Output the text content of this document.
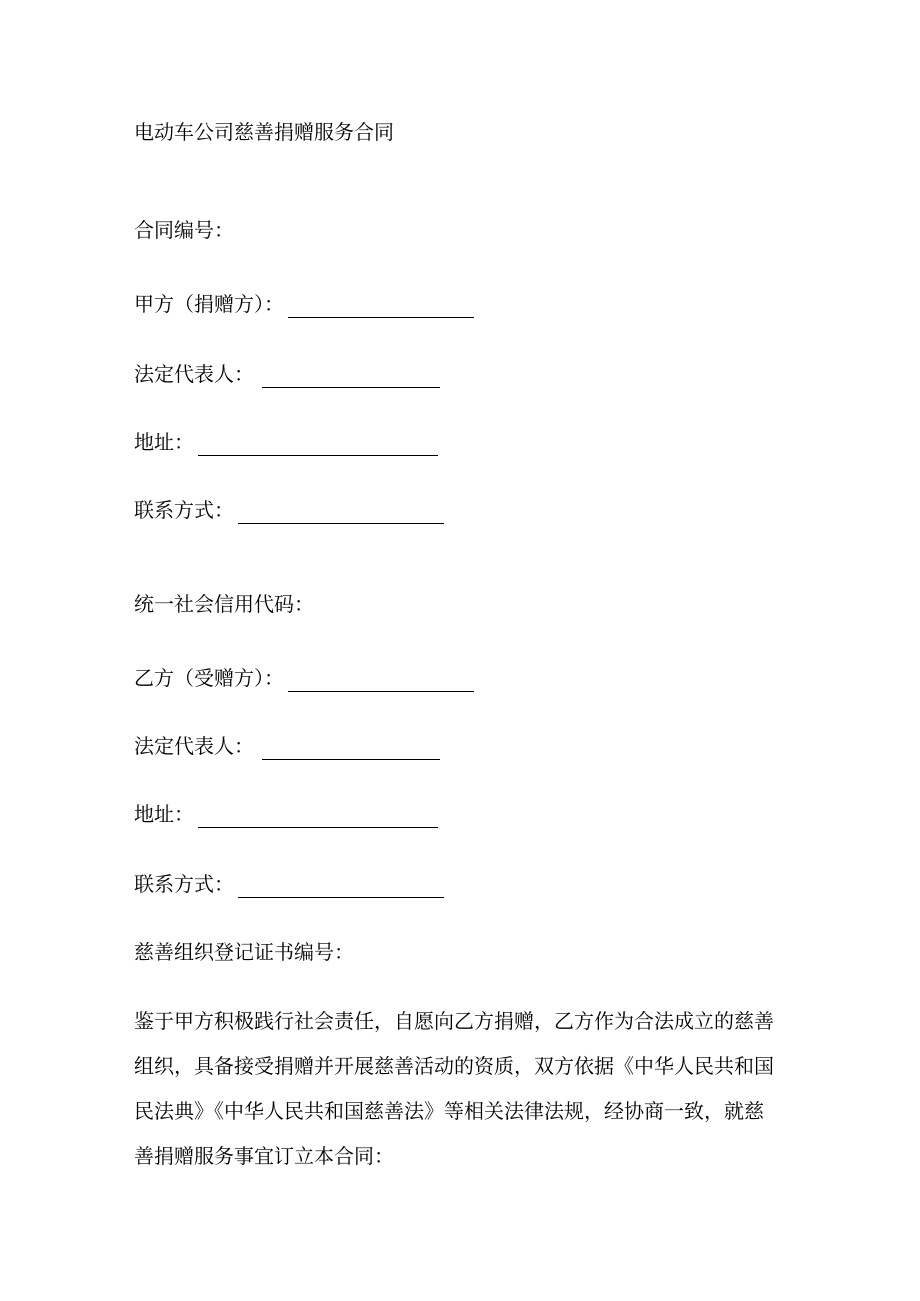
电动车公司慈善捐赠服务合同
合同编号：
甲方（捐赠方）：
法定代表人：
地址：
联系方式：
统一社会信用代码：
乙方（受赠方）：
法定代表人：
地址：
联系方式：
慈善组织登记证书编号：
鉴于甲方积极践行社会责任，自愿向乙方捐赠，乙方作为合法成立的慈善
组织，具备接受捐赠并开展慈善活动的资质，双方依据《中华人民共和国
民法典》《中华人民共和国慈善法》等相关法律法规，经协商一致，就慈
善捐赠服务事宜订立本合同：
